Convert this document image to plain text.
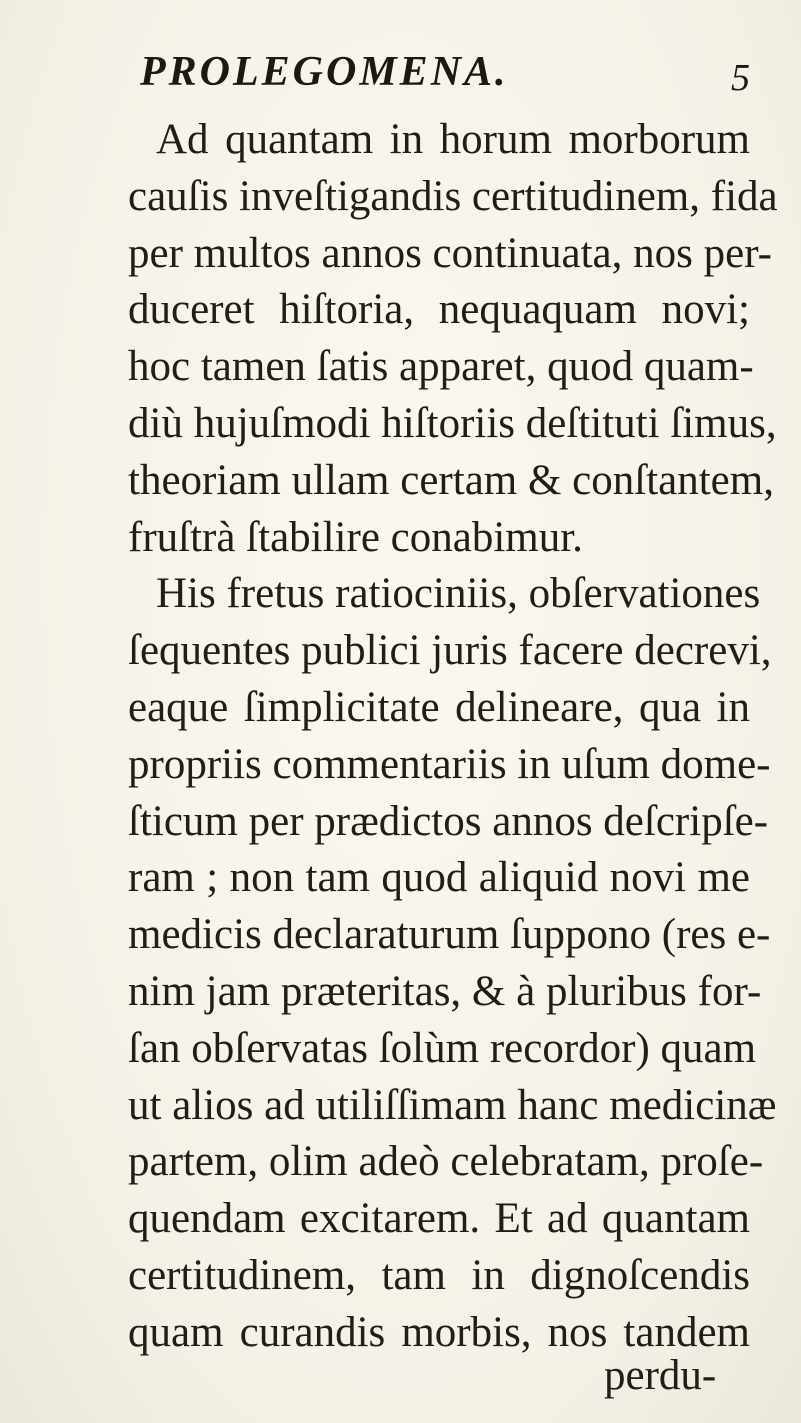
PROLEGOMENA.	5
Ad quantam in horum morborum
cauſis inveſtigandis certitudinem, fida
per multos annos continuata, nos per-
duceret hiſtoria, nequaquam novi;
hoc tamen ſatis apparet, quod quam-
diù hujuſmodi hiſtoriis deſtituti ſimus,
theoriam ullam certam & conſtantem,
fruſtrà ſtabilire conabimur.
His fretus ratiociniis, obſervationes
ſequentes publici juris facere decrevi,
eaque ſimplicitate delineare, qua in
propriis commentariis in uſum dome-
ſticum per prædictos annos deſcripſe-
ram ; non tam quod aliquid novi me
medicis declaraturum ſuppono (res e-
nim jam præteritas, & à pluribus for-
ſan obſervatas ſolùm recordor) quam
ut alios ad utiliſſimam hanc medicinæ
partem, olim adeò celebratam, proſe-
quendam excitarem. Et ad quantam
certitudinem, tam in dignoſcendis
quam curandis morbis, nos tandem
perdu-
